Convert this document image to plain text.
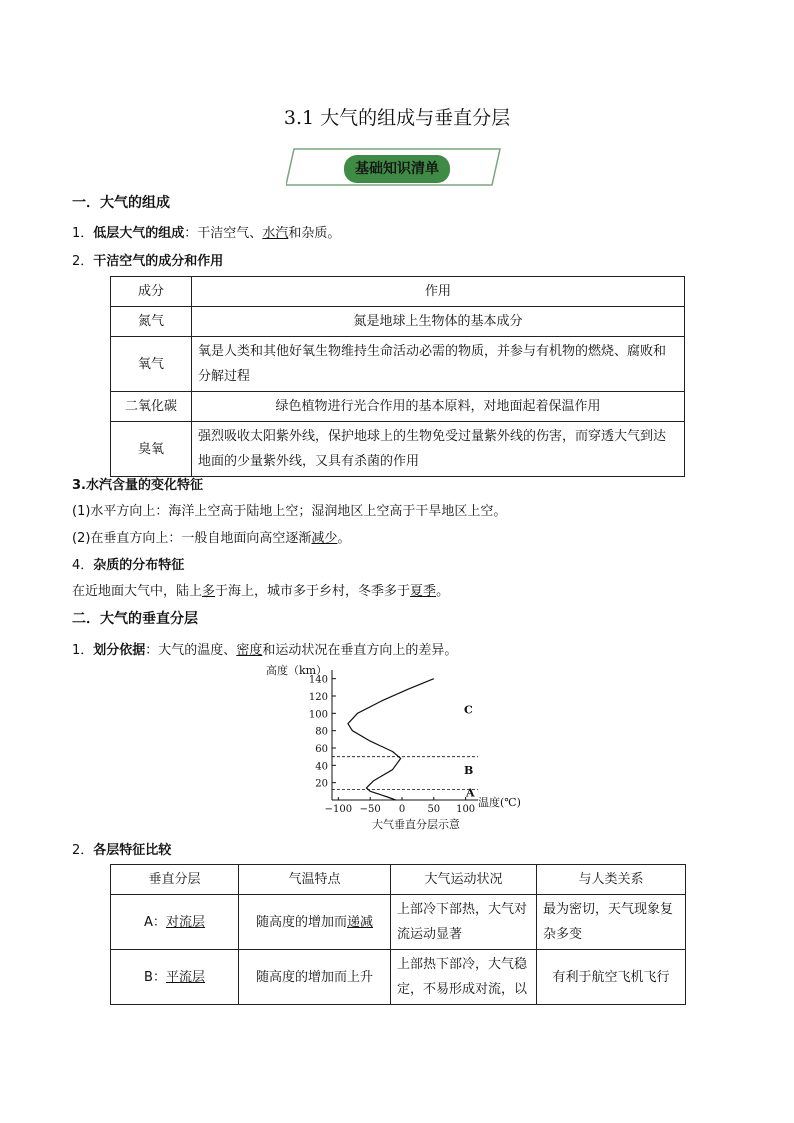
3.1 大气的组成与垂直分层
基础知识清单
一．大气的组成
1．低层大气的组成：干洁空气、水汽和杂质。
2．干洁空气的成分和作用
成分	作用
氮气	氮是地球上生物体的基本成分
氧气	氧是人类和其他好氧生物维持生命活动必需的物质，并参与有机物的燃烧、腐败和分解过程
二氧化碳	绿色植物进行光合作用的基本原料，对地面起着保温作用
臭氧	强烈吸收太阳紫外线，保护地球上的生物免受过量紫外线的伤害，而穿透大气到达地面的少量紫外线，又具有杀菌的作用
3.水汽含量的变化特征
(1)水平方向上：海洋上空高于陆地上空；湿润地区上空高于干旱地区上空。
(2)在垂直方向上：一般自地面向高空逐渐减少。
4．杂质的分布特征
在近地面大气中，陆上多于海上，城市多于乡村，冬季多于夏季。
二．大气的垂直分层
1．划分依据：大气的温度、密度和运动状况在垂直方向上的差异。
高度（km）
温度(℃)
大气垂直分层示意
20
40
60
80
100
120
140
−100 −50 0 50 100
A
B
C
2．各层特征比较
垂直分层	气温特点	大气运动状况	与人类关系
A：对流层	随高度的增加而递减	上部冷下部热，大气对流运动显著	最为密切，天气现象复杂多变
B：平流层	随高度的增加而上升	上部热下部冷，大气稳定，不易形成对流，以	有利于航空飞机飞行
